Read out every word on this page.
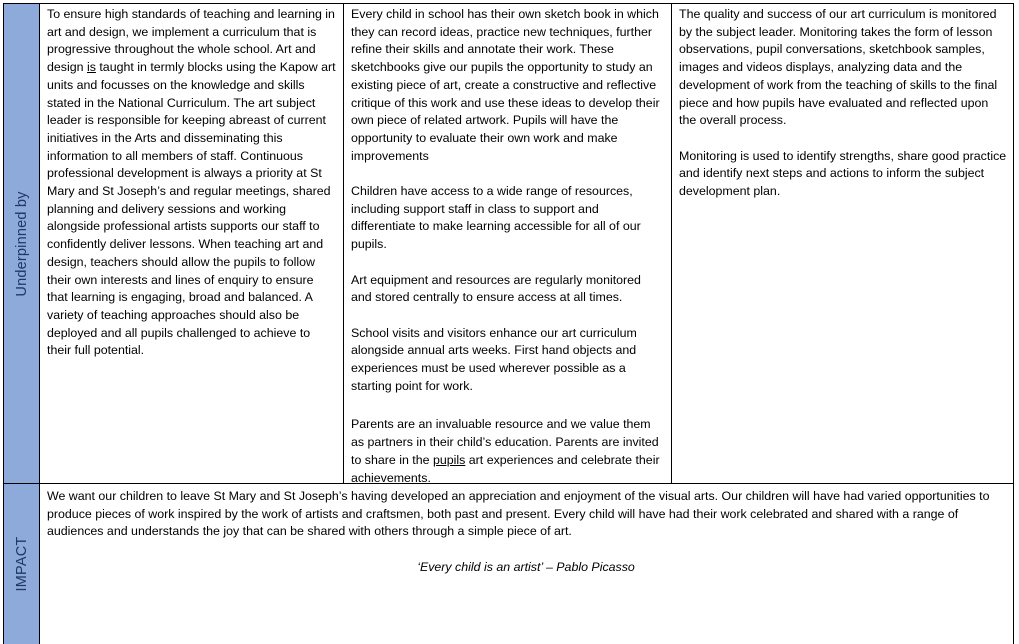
Underpinned by

To ensure high standards of teaching and learning in art and design, we implement a curriculum that is progressive throughout the whole school. Art and design is taught in termly blocks using the Kapow art units and focusses on the knowledge and skills stated in the National Curriculum. The art subject leader is responsible for keeping abreast of current initiatives in the Arts and disseminating this information to all members of staff. Continuous professional development is always a priority at St Mary and St Joseph’s and regular meetings, shared planning and delivery sessions and working alongside professional artists supports our staff to confidently deliver lessons. When teaching art and design, teachers should allow the pupils to follow their own interests and lines of enquiry to ensure that learning is engaging, broad and balanced. A variety of teaching approaches should also be deployed and all pupils challenged to achieve to their full potential.

Every child in school has their own sketch book in which they can record ideas, practice new techniques, further refine their skills and annotate their work. These sketchbooks give our pupils the opportunity to study an existing piece of art, create a constructive and reflective critique of this work and use these ideas to develop their own piece of related artwork. Pupils will have the opportunity to evaluate their own work and make improvements

Children have access to a wide range of resources, including support staff in class to support and differentiate to make learning accessible for all of our pupils.

Art equipment and resources are regularly monitored and stored centrally to ensure access at all times.

School visits and visitors enhance our art curriculum alongside annual arts weeks. First hand objects and experiences must be used wherever possible as a starting point for work.

Parents are an invaluable resource and we value them as partners in their child’s education. Parents are invited to share in the pupils art experiences and celebrate their achievements.

The quality and success of our art curriculum is monitored by the subject leader. Monitoring takes the form of lesson observations, pupil conversations, sketchbook samples, images and videos displays, analyzing data and the development of work from the teaching of skills to the final piece and how pupils have evaluated and reflected upon the overall process.

Monitoring is used to identify strengths, share good practice and identify next steps and actions to inform the subject development plan.

IMPACT

We want our children to leave St Mary and St Joseph’s having developed an appreciation and enjoyment of the visual arts. Our children will have had varied opportunities to produce pieces of work inspired by the work of artists and craftsmen, both past and present. Every child will have had their work celebrated and shared with a range of audiences and understands the joy that can be shared with others through a simple piece of art.

‘Every child is an artist’ – Pablo Picasso
